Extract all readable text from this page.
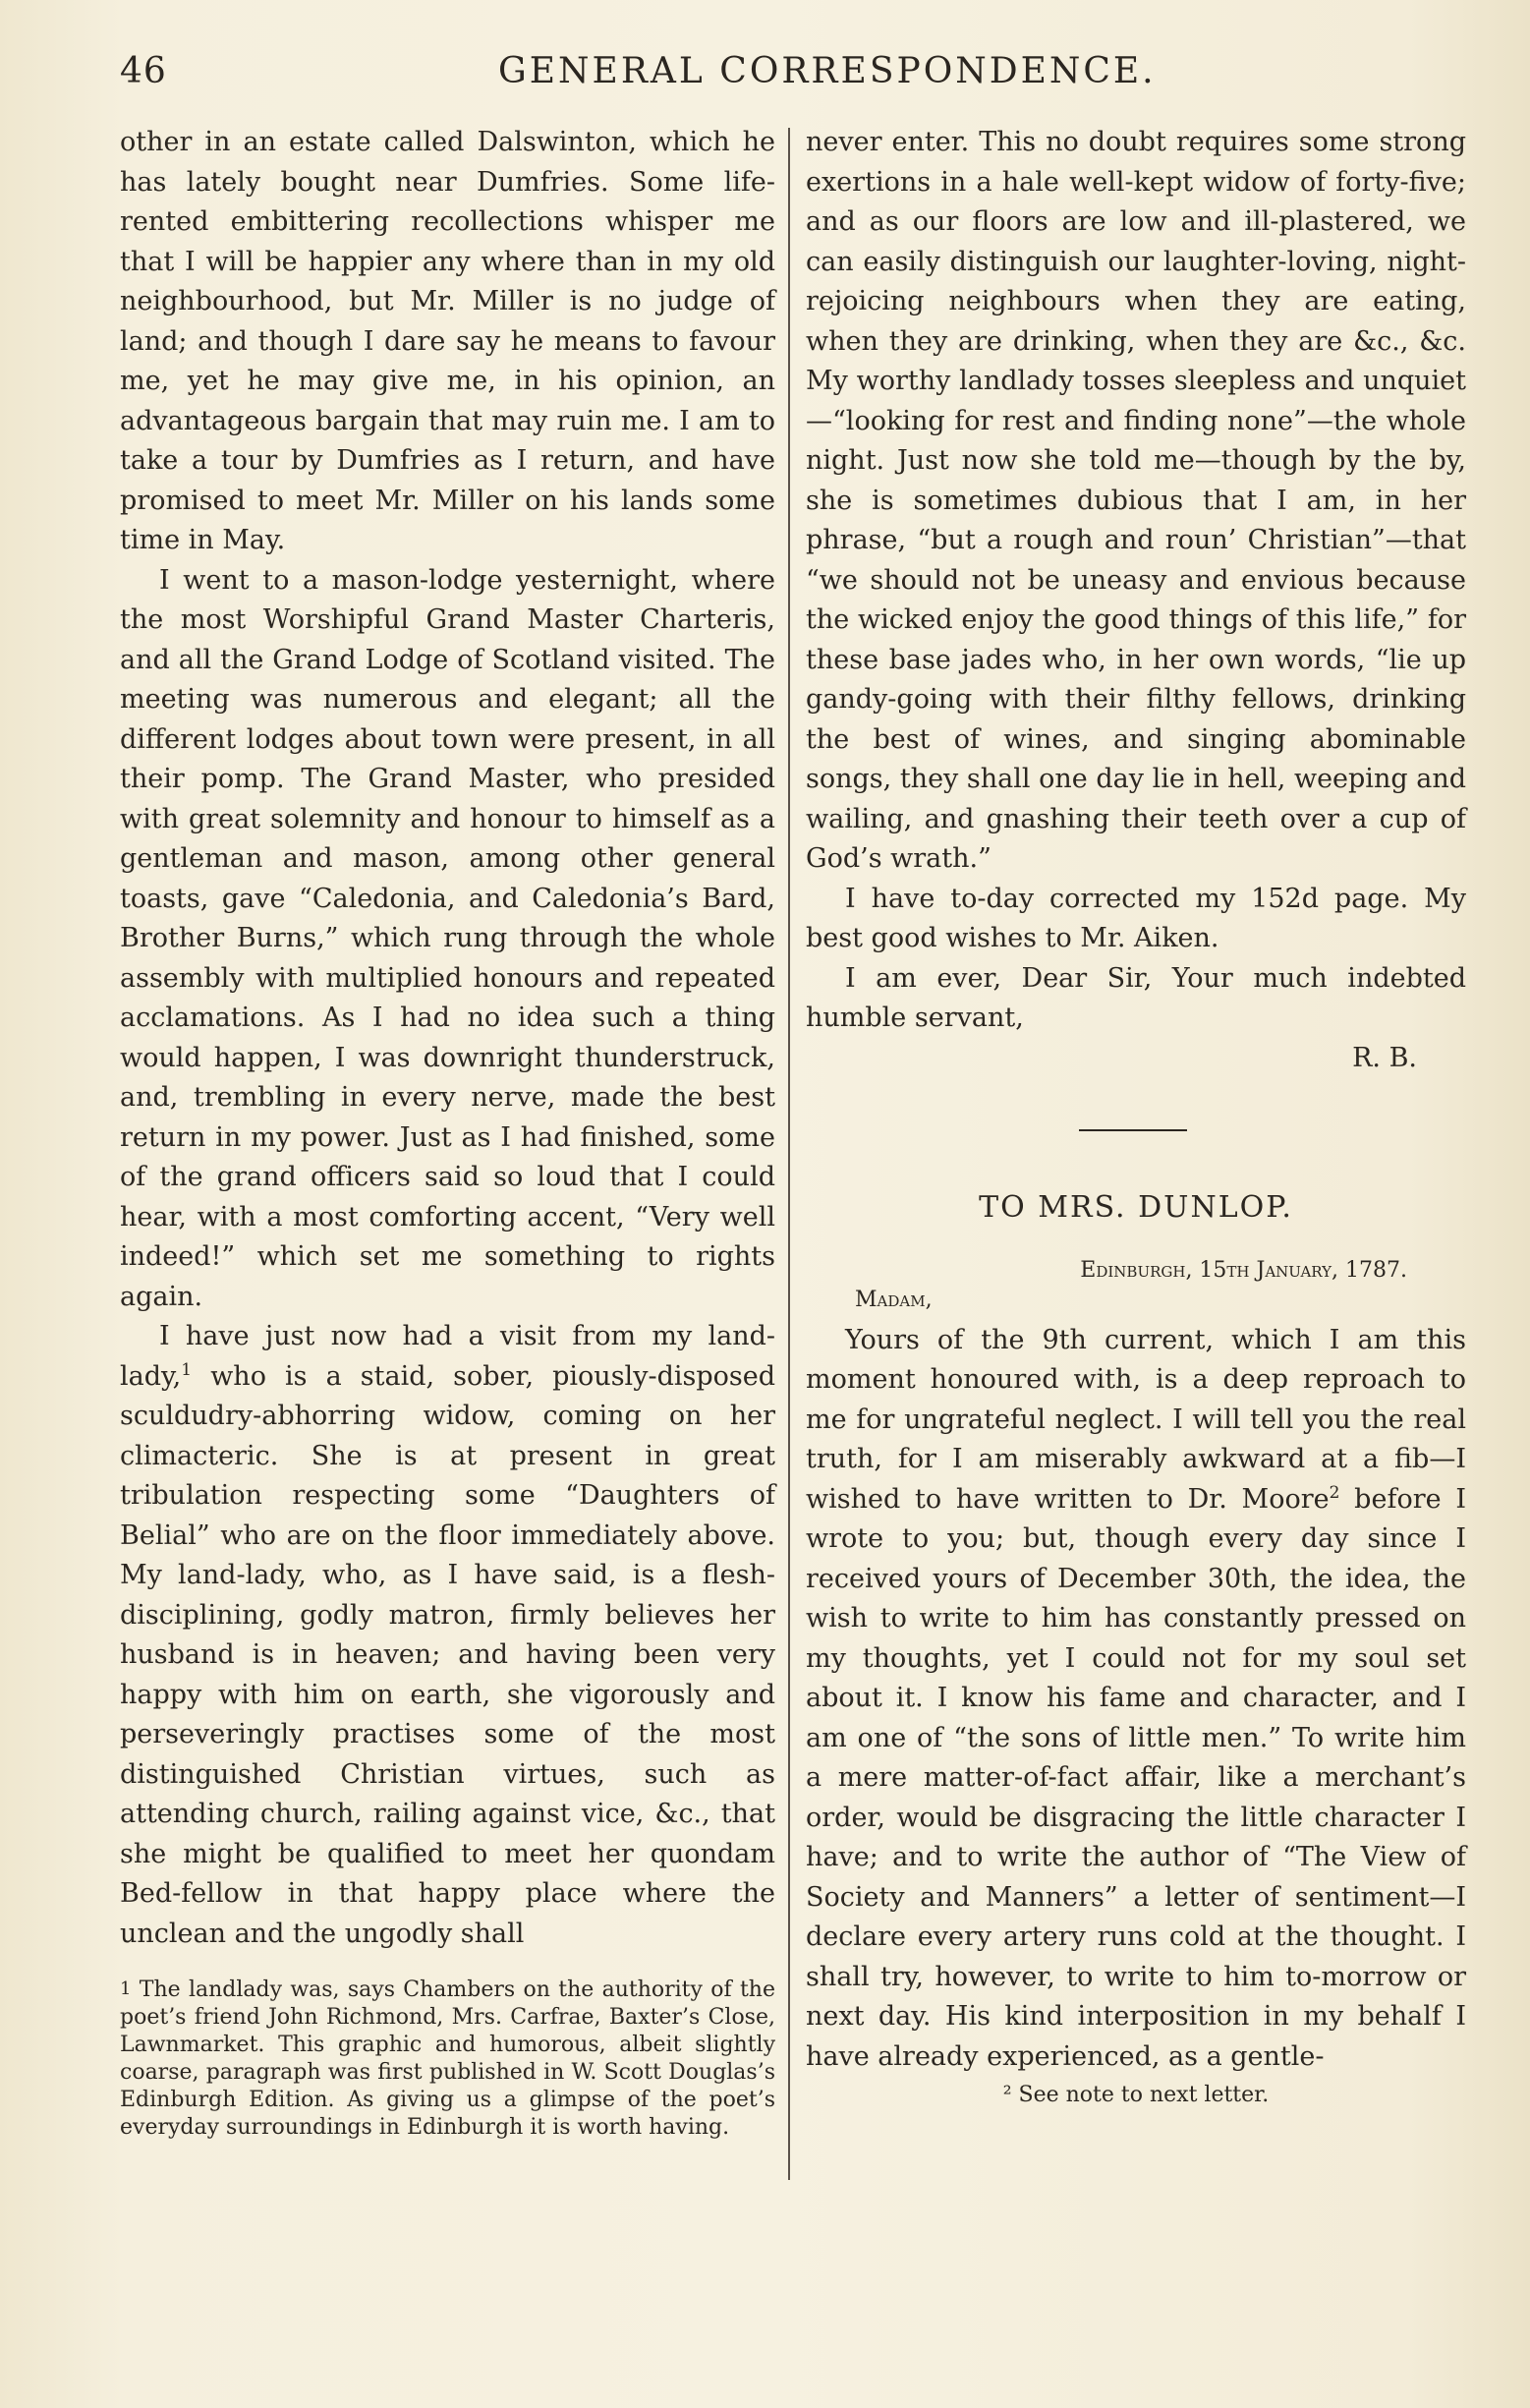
46	GENERAL CORRESPONDENCE.

other in an estate called Dalswinton, which he has lately bought near Dumfries. Some life-rented embittering recollections whisper me that I will be happier any where than in my old neighbourhood, but Mr. Miller is no judge of land; and though I dare say he means to favour me, yet he may give me, in his opinion, an advantageous bargain that may ruin me. I am to take a tour by Dumfries as I return, and have promised to meet Mr. Miller on his lands some time in May.

I went to a mason-lodge yesternight, where the most Worshipful Grand Master Charteris, and all the Grand Lodge of Scotland visited. The meeting was numerous and elegant; all the different lodges about town were present, in all their pomp. The Grand Master, who presided with great solemnity and honour to himself as a gentleman and mason, among other general toasts, gave “Caledonia, and Caledonia’s Bard, Brother Burns,” which rung through the whole assembly with multiplied honours and repeated acclamations. As I had no idea such a thing would happen, I was downright thunderstruck, and, trembling in every nerve, made the best return in my power. Just as I had finished, some of the grand officers said so loud that I could hear, with a most comforting accent, “Very well indeed!” which set me something to rights again.

I have just now had a visit from my land-lady,$^1$ who is a staid, sober, piously-disposed sculdudry-abhorring widow, coming on her climacteric. She is at present in great tribulation respecting some “Daughters of Belial” who are on the floor immediately above. My land-lady, who, as I have said, is a flesh-disciplining, godly matron, firmly believes her husband is in heaven; and having been very happy with him on earth, she vigorously and perseveringly practises some of the most distinguished Christian virtues, such as attending church, railing against vice, &c., that she might be qualified to meet her quondam Bed-fellow in that happy place where the unclean and the ungodly shall

1 The landlady was, says Chambers on the authority of the poet’s friend John Richmond, Mrs. Carfrae, Baxter’s Close, Lawnmarket. This graphic and humorous, albeit slightly coarse, paragraph was first published in W. Scott Douglas’s Edinburgh Edition. As giving us a glimpse of the poet’s everyday surroundings in Edinburgh it is worth having.

never enter. This no doubt requires some strong exertions in a hale well-kept widow of forty-five; and as our floors are low and ill-plastered, we can easily distinguish our laughter-loving, night-rejoicing neighbours when they are eating, when they are drinking, when they are &c., &c. My worthy landlady tosses sleepless and unquiet—“looking for rest and finding none”—the whole night. Just now she told me—though by the by, she is sometimes dubious that I am, in her phrase, “but a rough and roun’ Christian”—that “we should not be uneasy and envious because the wicked enjoy the good things of this life,” for these base jades who, in her own words, “lie up gandy-going with their filthy fellows, drinking the best of wines, and singing abominable songs, they shall one day lie in hell, weeping and wailing, and gnashing their teeth over a cup of God’s wrath.”

I have to-day corrected my 152d page. My best good wishes to Mr. Aiken.

I am ever, Dear Sir, Your much indebted humble servant,

R. B.

TO MRS. DUNLOP.

Edinburgh, 15th January, 1787.

Madam,

Yours of the 9th current, which I am this moment honoured with, is a deep reproach to me for ungrateful neglect. I will tell you the real truth, for I am miserably awkward at a fib—I wished to have written to Dr. Moore$^2$ before I wrote to you; but, though every day since I received yours of December 30th, the idea, the wish to write to him has constantly pressed on my thoughts, yet I could not for my soul set about it. I know his fame and character, and I am one of “the sons of little men.” To write him a mere matter-of-fact affair, like a merchant’s order, would be disgracing the little character I have; and to write the author of “The View of Society and Manners” a letter of sentiment—I declare every artery runs cold at the thought. I shall try, however, to write to him to-morrow or next day. His kind interposition in my behalf I have already experienced, as a gentle-

² See note to next letter.
